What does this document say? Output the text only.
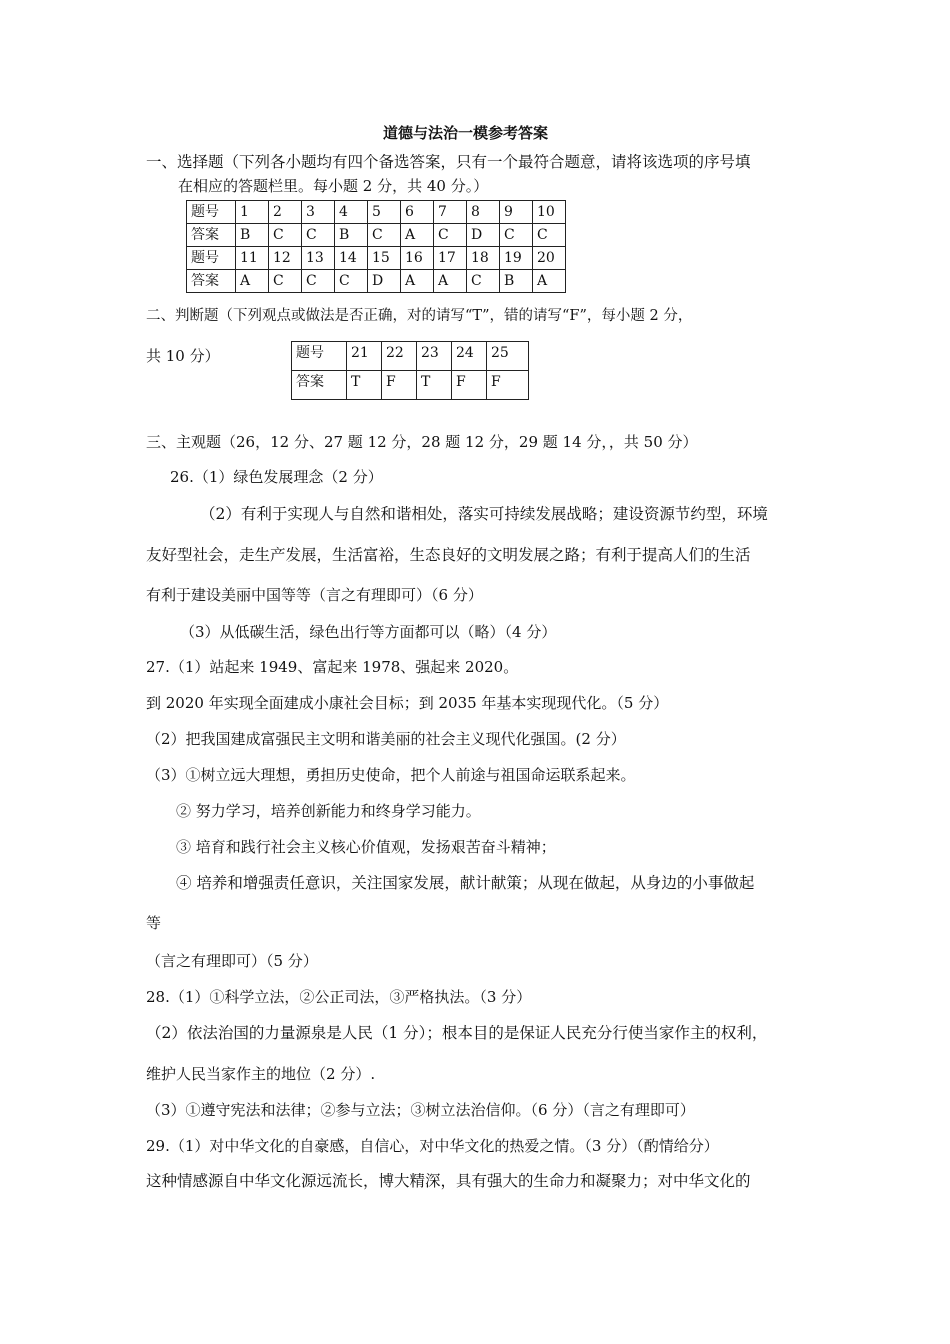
道德与法治一模参考答案
一、选择题（下列各小题均有四个备选答案，只有一个最符合题意，请将该选项的序号填
在相应的答题栏里。每小题 2 分，共 40 分。）
题号	1	2	3	4	5	6	7	8	9	10
答案	B	C	C	B	C	A	C	D	C	C
题号	11	12	13	14	15	16	17	18	19	20
答案	A	C	C	C	D	A	A	C	B	A
二、判断题（下列观点或做法是否正确，对的请写“T”，错的请写“F”，每小题 2 分，
共 10 分）	题号	21	22	23	24	25
答案	T	F	T	F	F
三、主观题（26，12 分、27 题 12 分，28 题 12 分，29 题 14 分，，共 50 分）
26.（1）绿色发展理念（2 分）
（2）有利于实现人与自然和谐相处，落实可持续发展战略；建设资源节约型，环境
友好型社会，走生产发展，生活富裕，生态良好的文明发展之路；有利于提高人们的生活
有利于建设美丽中国等等（言之有理即可）（6 分）
（3）从低碳生活，绿色出行等方面都可以（略）（4 分）
27.（1）站起来 1949、富起来 1978、强起来 2020。
到 2020 年实现全面建成小康社会目标；到 2035 年基本实现现代化。（5 分）
（2）把我国建成富强民主文明和谐美丽的社会主义现代化强国。(2 分）
（3）①树立远大理想，勇担历史使命，把个人前途与祖国命运联系起来。
② 努力学习，培养创新能力和终身学习能力。
③ 培育和践行社会主义核心价值观，发扬艰苦奋斗精神；
④ 培养和增强责任意识，关注国家发展，献计献策；从现在做起，从身边的小事做起
等
（言之有理即可）（5 分）
28.（1）①科学立法，②公正司法，③严格执法。（3 分）
（2）依法治国的力量源泉是人民（1 分）；根本目的是保证人民充分行使当家作主的权利，
维护人民当家作主的地位（2 分）.
（3）①遵守宪法和法律；②参与立法；③树立法治信仰。（6 分）（言之有理即可）
29.（1）对中华文化的自豪感，自信心，对中华文化的热爱之情。（3 分）（酌情给分）
这种情感源自中华文化源远流长，博大精深，具有强大的生命力和凝聚力；对中华文化的
